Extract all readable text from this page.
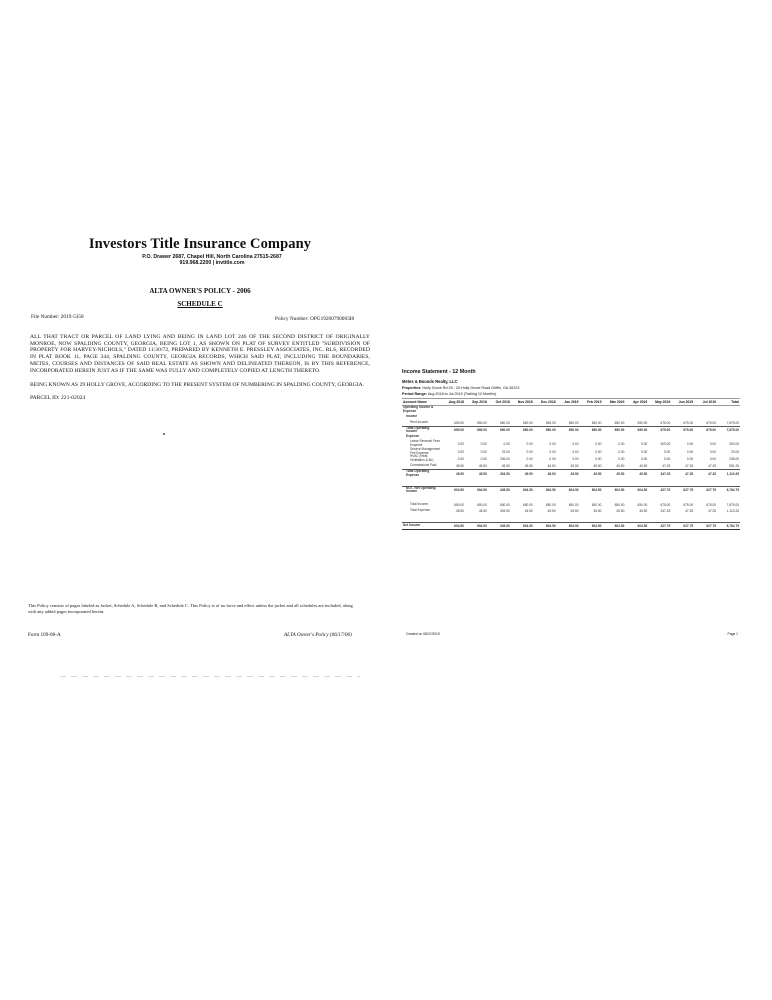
Investors Title Insurance Company
P.O. Drawer 2687, Chapel Hill, North Carolina 27515-2687
919.968.2200 | invtitle.com
ALTA OWNER'S POLICY - 2006
SCHEDULE C
File Number: 2019-5358	Policy Number: OPG19200790003I8
ALL THAT TRACT OR PARCEL OF LAND LYING AND BEING IN LAND LOT 246 OF THE SECOND DISTRICT OF ORIGINALLY MONROE, NOW SPALDING COUNTY, GEORGIA, BEING LOT 1, AS SHOWN ON PLAT OF SURVEY ENTITLED "SUBDIVISION OF PROPERTY FOR HARVEY-NICHOLS," DATED 11/30/72, PREPARED BY KENNETH E. PRESSLEY ASSOCIATES, INC. RLS, RECORDED IN PLAT BOOK 11, PAGE 344, SPALDING COUNTY, GEORGIA RECORDS, WHICH SAID PLAT, INCLUDING THE BOUNDARIES, METES, COURSES AND DISTANCES OF SAID REAL ESTATE AS SHOWN AND DELINEATED THEREON, IS BY THIS REFERENCE, INCORPORATED HEREIN JUST AS IF THE SAME WAS FULLY AND COMPLETELY COPIED AT LENGTH THERETO.
BEING KNOWN AS 29 HOLLY GROVE, ACCORDING TO THE PRESENT SYSTEM OF NUMBERING IN SPALDING COUNTY, GEORGIA.
PARCEL ID: 221-02024
This Policy consists of pages labeled as Jacket, Schedule A, Schedule B, and Schedule C. This Policy is of no force and effect unless the jacket and all schedules are included, along with any added pages incorporated herein.
Form 109-06-A	ALTA Owner's Policy (06/17/06)
Income Statement - 12 Month
Metes & Bounds Realty, LLC
Properties: Holly Grove Rd 29 - 29 Holly Grove Road Griffin, GA 30223
Period Range: Aug 2018 to Jul 2019 (Trailing 12 Months)
Account Name	Aug 2018	Sep 2018	Oct 2018	Nov 2018	Dec 2018	Jan 2019	Feb 2019	Mar 2019	Apr 2019	May 2019	Jun 2019	Jul 2019	Total
Operating Income & Expense													
Income													
Rent Income	650.00	650.00	650.00	650.00	650.00	650.00	650.00	650.00	650.00	675.00	675.00	675.00	7,875.00
Total Operating Income	650.00	650.00	650.00	650.00	650.00	650.00	650.00	650.00	650.00	675.00	675.00	675.00	7,875.00
Expense													
Lease Renewal Fees Expense	0.00	0.00	0.00	0.00	0.00	0.00	0.00	0.00	0.00	300.00	0.00	0.00	300.00
Service Management Fee Expense	0.00	0.00	23.00	0.00	0.00	0.00	0.00	0.00	0.00	0.00	0.00	0.00	23.00
HVAC (Heat, Ventilation & Air)	0.00	0.00	236.00	0.00	0.00	0.00	0.00	0.00	0.00	0.00	0.00	0.00	236.00
Commissions Paid	45.50	45.50	45.50	45.50	45.50	45.50	45.50	45.50	45.50	47.25	47.25	47.25	551.25
Total Operating Expense	45.50	45.50	304.50	45.50	45.50	45.50	45.50	45.50	45.50	347.25	47.25	47.25	1,110.25

NOI - Net Operating Income	604.50	604.50	345.50	604.50	604.50	604.50	604.50	604.50	604.50	327.75	627.75	627.75	6,764.75

Total Income	650.00	650.00	650.00	650.00	650.00	650.00	650.00	650.00	650.00	675.00	675.00	675.00	7,875.00
Total Expense	45.50	45.50	304.50	45.50	45.50	45.50	45.50	45.50	45.50	347.25	47.25	47.25	1,110.25

Net Income	604.50	604.50	345.50	604.50	604.50	604.50	604.50	604.50	604.50	327.75	627.75	627.75	6,764.75
Created on 08/07/2019	Page 1
